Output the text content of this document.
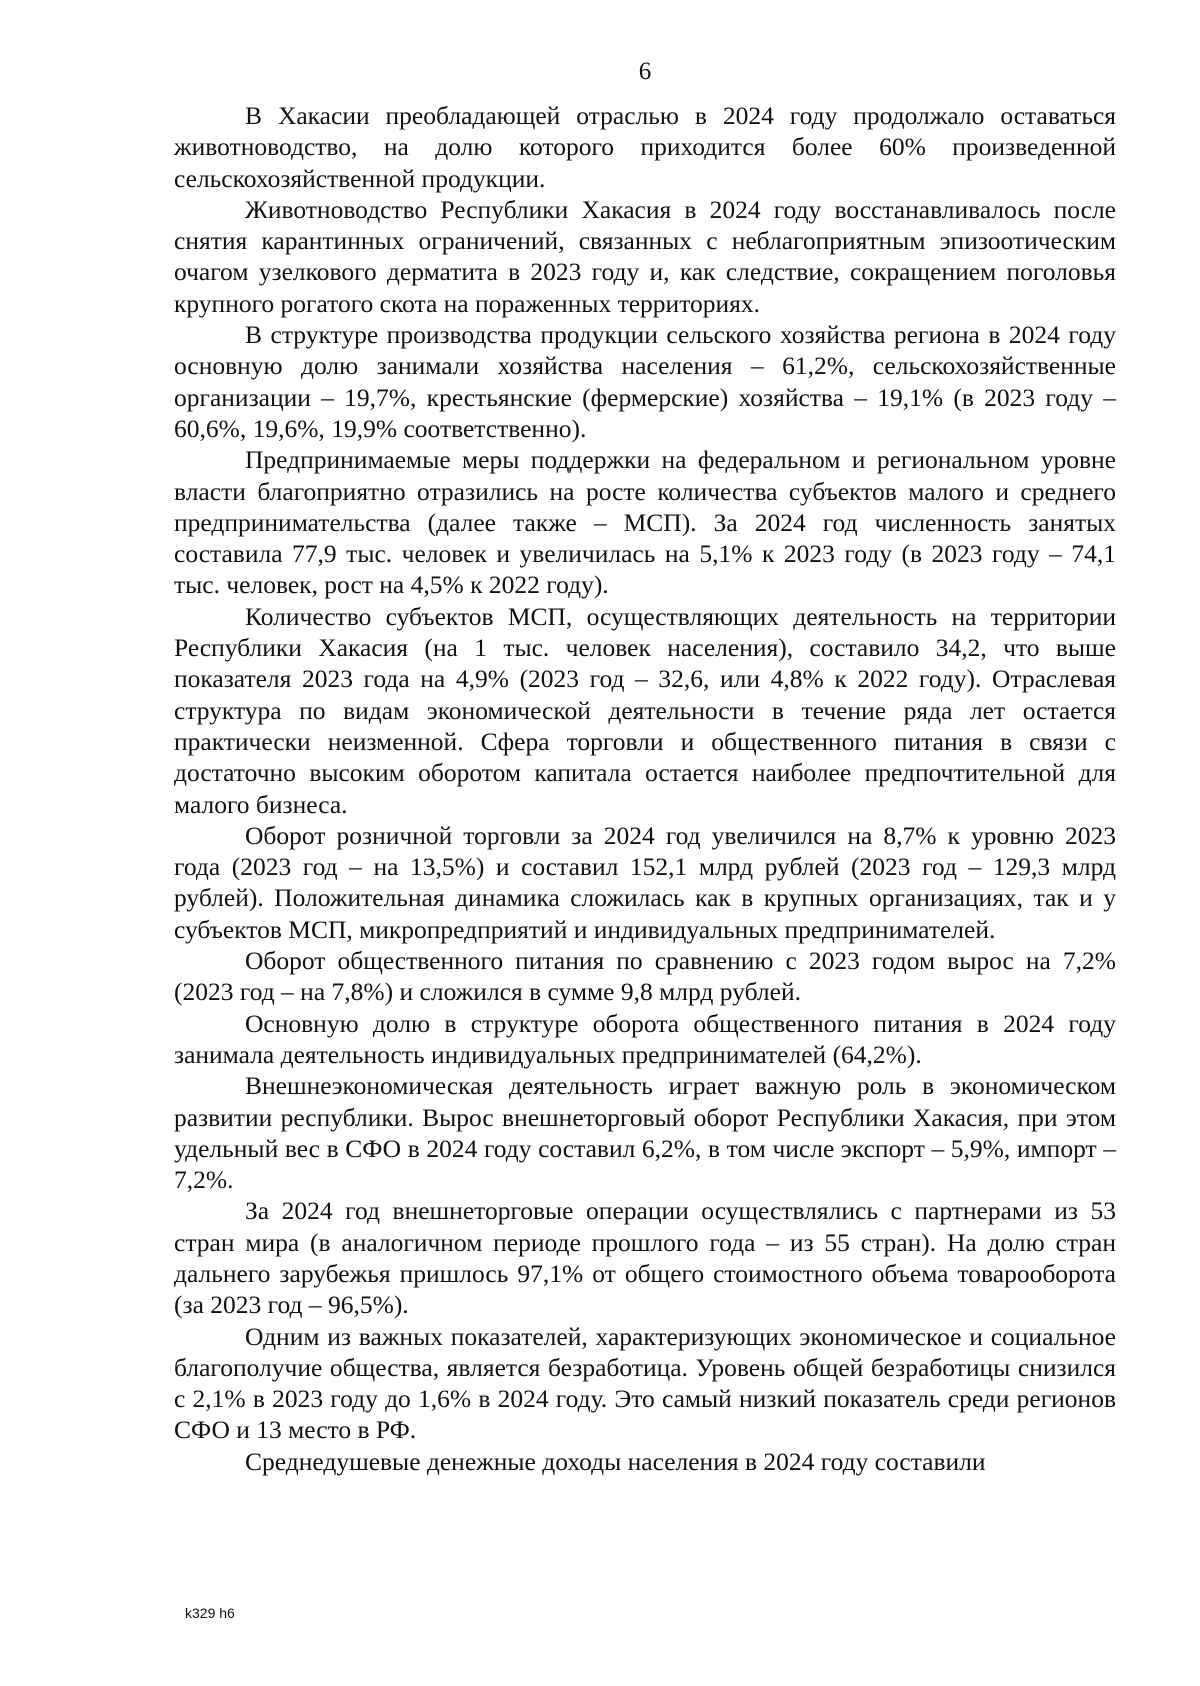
6

В Хакасии преобладающей отраслью в 2024 году продолжало оставаться животноводство, на долю которого приходится более 60% произведенной сельскохозяйственной продукции.

Животноводство Республики Хакасия в 2024 году восстанавливалось после снятия карантинных ограничений, связанных с неблагоприятным эпизоотическим очагом узелкового дерматита в 2023 году и, как следствие, сокращением поголовья крупного рогатого скота на пораженных территориях.

В структуре производства продукции сельского хозяйства региона в 2024 году основную долю занимали хозяйства населения – 61,2%, сельскохозяйственные организации – 19,7%, крестьянские (фермерские) хозяйства – 19,1% (в 2023 году – 60,6%, 19,6%, 19,9% соответственно).

Предпринимаемые меры поддержки на федеральном и региональном уровне власти благоприятно отразились на росте количества субъектов малого и среднего предпринимательства (далее также – МСП). За 2024 год численность занятых составила 77,9 тыс. человек и увеличилась на 5,1% к 2023 году (в 2023 году – 74,1 тыс. человек, рост на 4,5% к 2022 году).

Количество субъектов МСП, осуществляющих деятельность на территории Республики Хакасия (на 1 тыс. человек населения), составило 34,2, что выше показателя 2023 года на 4,9% (2023 год – 32,6, или 4,8% к 2022 году). Отраслевая структура по видам экономической деятельности в течение ряда лет остается практически неизменной. Сфера торговли и общественного питания в связи с достаточно высоким оборотом капитала остается наиболее предпочтительной для малого бизнеса.

Оборот розничной торговли за 2024 год увеличился на 8,7% к уровню 2023 года (2023 год – на 13,5%) и составил 152,1 млрд рублей (2023 год – 129,3 млрд рублей). Положительная динамика сложилась как в крупных организациях, так и у субъектов МСП, микропредприятий и индивидуальных предпринимателей.

Оборот общественного питания по сравнению с 2023 годом вырос на 7,2% (2023 год – на 7,8%) и сложился в сумме 9,8 млрд рублей.

Основную долю в структуре оборота общественного питания в 2024 году занимала деятельность индивидуальных предпринимателей (64,2%).

Внешнеэкономическая деятельность играет важную роль в экономическом развитии республики. Вырос внешнеторговый оборот Республики Хакасия, при этом удельный вес в СФО в 2024 году составил 6,2%, в том числе экспорт – 5,9%, импорт – 7,2%.

За 2024 год внешнеторговые операции осуществлялись с партнерами из 53 стран мира (в аналогичном периоде прошлого года – из 55 стран). На долю стран дальнего зарубежья пришлось 97,1% от общего стоимостного объема товарооборота (за 2023 год – 96,5%).

Одним из важных показателей, характеризующих экономическое и социальное благополучие общества, является безработица. Уровень общей безработицы снизился с 2,1% в 2023 году до 1,6% в 2024 году. Это самый низкий показатель среди регионов СФО и 13 место в РФ.

Среднедушевые денежные доходы населения в 2024 году составили

k329 h6
